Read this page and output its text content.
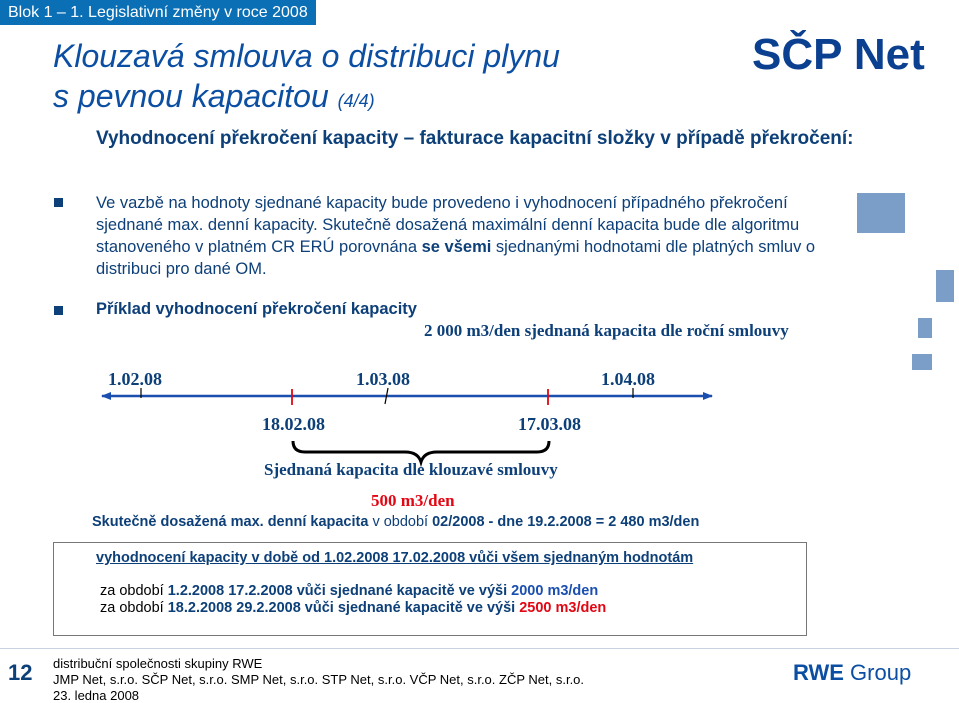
Blok 1 – 1. Legislativní změny v roce 2008
Klouzavá smlouva o distribuci plynu
s pevnou kapacitou (4/4)
SČP Net
Vyhodnocení překročení kapacity – fakturace kapacitní složky v případě překročení:
Ve vazbě na hodnoty sjednané kapacity bude provedeno i vyhodnocení případného překročení sjednané max. denní kapacity. Skutečně dosažená maximální denní kapacita bude dle algoritmu stanoveného v platném CR ERÚ porovnána se všemi sjednanými hodnotami dle platných smluv o distribuci pro dané OM.
Příklad vyhodnocení překročení kapacity
2 000 m3/den sjednaná kapacita dle roční smlouvy
1.02.08	1.03.08	1.04.08
18.02.08	17.03.08
Sjednaná kapacita dle klouzavé smlouvy
500 m3/den
Skutečně dosažená max. denní kapacita v období 02/2008 - dne 19.2.2008 = 2 480 m3/den
vyhodnocení kapacity v době od 1.02.2008 17.02.2008 vůči všem sjednaným hodnotám
za období 1.2.2008 17.2.2008 vůči sjednané kapacitě ve výši 2000 m3/den
za období 18.2.2008 29.2.2008 vůči sjednané kapacitě ve výši 2500 m3/den
12 distribuční společnosti skupiny RWE
JMP Net, s.r.o. SČP Net, s.r.o. SMP Net, s.r.o. STP Net, s.r.o. VČP Net, s.r.o. ZČP Net, s.r.o.
23. ledna 2008
RWE Group
